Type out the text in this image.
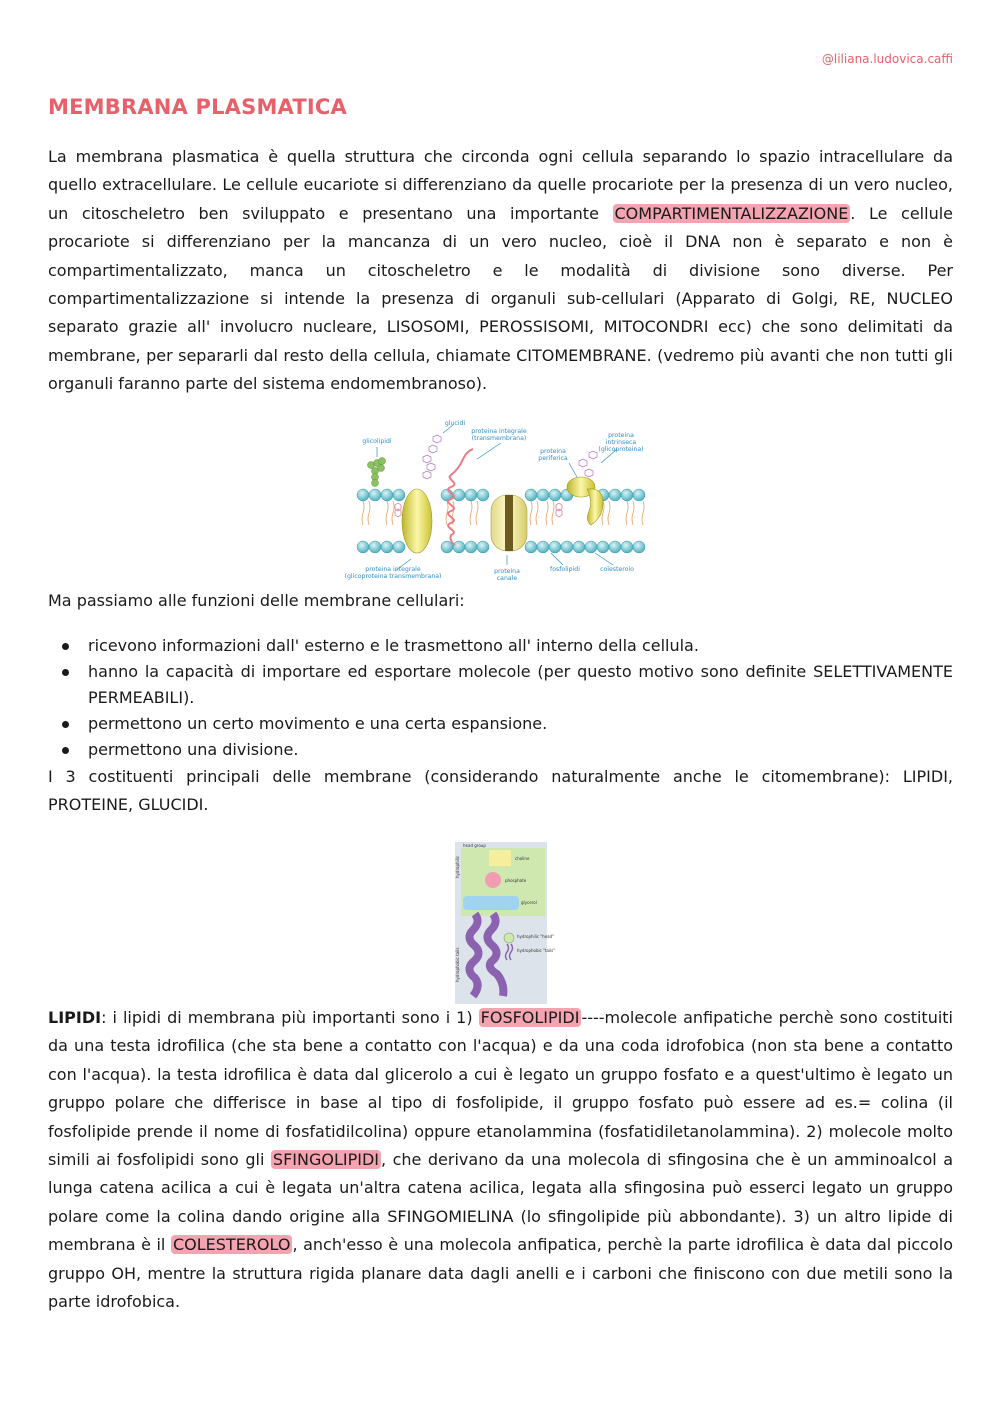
@liliana.ludovica.caffi
MEMBRANA PLASMATICA

La membrana plasmatica è quella struttura che circonda ogni cellula separando lo spazio intracellulare da quello extracellulare. Le cellule eucariote si differenziano da quelle procariote per la presenza di un vero nucleo, un citoscheletro ben sviluppato e presentano una importante COMPARTIMENTALIZZAZIONE . Le cellule procariote si differenziano per la mancanza di un vero nucleo, cioè il DNA non è separato e non è compartimentalizzato, manca un citoscheletro e le modalità di divisione sono diverse. Per compartimentalizzazione si intende la presenza di organuli sub-cellulari (Apparato di Golgi, RE, NUCLEO separato grazie all' involucro nucleare, LISOSOMI, PEROSSISOMI, MITOCONDRI ecc) che sono delimitati da membrane, per separarli dal resto della cellula, chiamate CITOMEMBRANE. (vedremo più avanti che non tutti gli organuli faranno parte del sistema endomembranoso).

glicolipidi
glucidi
proteina integrale
(transmembrana)
proteina
periferica
proteina
intrinseca
(glicoproteina)
proteina integrale
(glicoproteina transmembrana)
proteina
canale
fosfolipidi	colesterolo

Ma passiamo alle funzioni delle membrane cellulari:

ricevono informazioni dall' esterno e le trasmettono all' interno della cellula.
hanno la capacità di importare ed esportare molecole (per questo motivo sono definite SELETTIVAMENTE PERMEABILI).
permettono un certo movimento e una certa espansione.
permettono una divisione.

I 3 costituenti principali delle membrane (considerando naturalmente anche le citomembrane): LIPIDI, PROTEINE, GLUCIDI.

head group
choline
phosphate
glycerol
hydrophilic "head"
hydrophobic "tails"
hydrophilic
hydrophobic tails

LIPIDI: i lipidi di membrana più importanti sono i 1) FOSFOLIPIDI ----molecole anfipatiche perchè sono costituiti da una testa idrofilica (che sta bene a contatto con l'acqua) e da una coda idrofobica (non sta bene a contatto con l'acqua). la testa idrofilica è data dal glicerolo a cui è legato un gruppo fosfato e a quest'ultimo è legato un gruppo polare che differisce in base al tipo di fosfolipide, il gruppo fosfato può essere ad es.= colina (il fosfolipide prende il nome di fosfatidilcolina) oppure etanolammina (fosfatidiletanolammina). 2) molecole molto simili ai fosfolipidi sono gli SFINGOLIPIDI , che derivano da una molecola di sfingosina che è un amminoalcol a lunga catena acilica a cui è legata un'altra catena acilica, legata alla sfingosina può esserci legato un gruppo polare come la colina dando origine alla SFINGOMIELINA (lo sfingolipide più abbondante). 3) un altro lipide di membrana è il COLESTEROLO , anch'esso è una molecola anfipatica, perchè la parte idrofilica è data dal piccolo gruppo OH, mentre la struttura rigida planare data dagli anelli e i carboni che finiscono con due metili sono la parte idrofobica.
